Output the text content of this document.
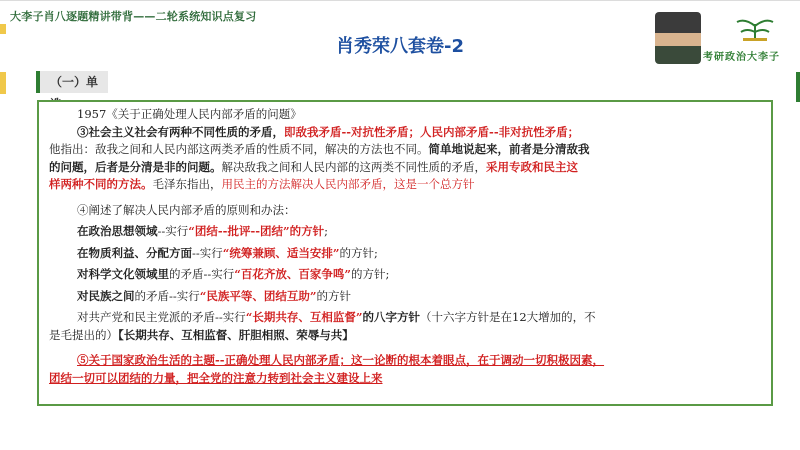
大李子肖八逐题精讲带背——二轮系统知识点复习
考研政治大李子
肖秀荣八套卷-2
（一）单
1957《关于正确处理人民内部矛盾的问题》
③社会主义社会有两种不同性质的矛盾，即敌我矛盾--对抗性矛盾；人民内部矛盾--非对抗性矛盾；
他指出：敌我之间和人民内部这两类矛盾的性质不同，解决的方法也不同。简单地说起来，前者是分清敌我
的问题，后者是分清是非的问题。解决敌我之间和人民内部的这两类不同性质的矛盾，采用专政和民主这
样两种不同的方法。毛泽东指出，用民主的方法解决人民内部矛盾，这是一个总方针
④阐述了解决人民内部矛盾的原则和办法：
在政治思想领域--实行“团结--批评--团结”的方针;
在物质利益、分配方面--实行“统筹兼顾、适当安排”的方针;
对科学文化领域里的矛盾--实行“百花齐放、百家争鸣”的方针;
对民族之间的矛盾--实行“民族平等、团结互助”的方针
对共产党和民主党派的矛盾--实行“长期共存、互相监督”的八字方针（十六字方针是在12大增加的，不
是毛提出的）【长期共存、互相监督、肝胆相照、荣辱与共】
⑤关于国家政治生活的主题--正确处理人民内部矛盾；这一论断的根本着眼点，在于调动一切积极因素，
团结一切可以团结的力量，把全党的注意力转到社会主义建设上来
